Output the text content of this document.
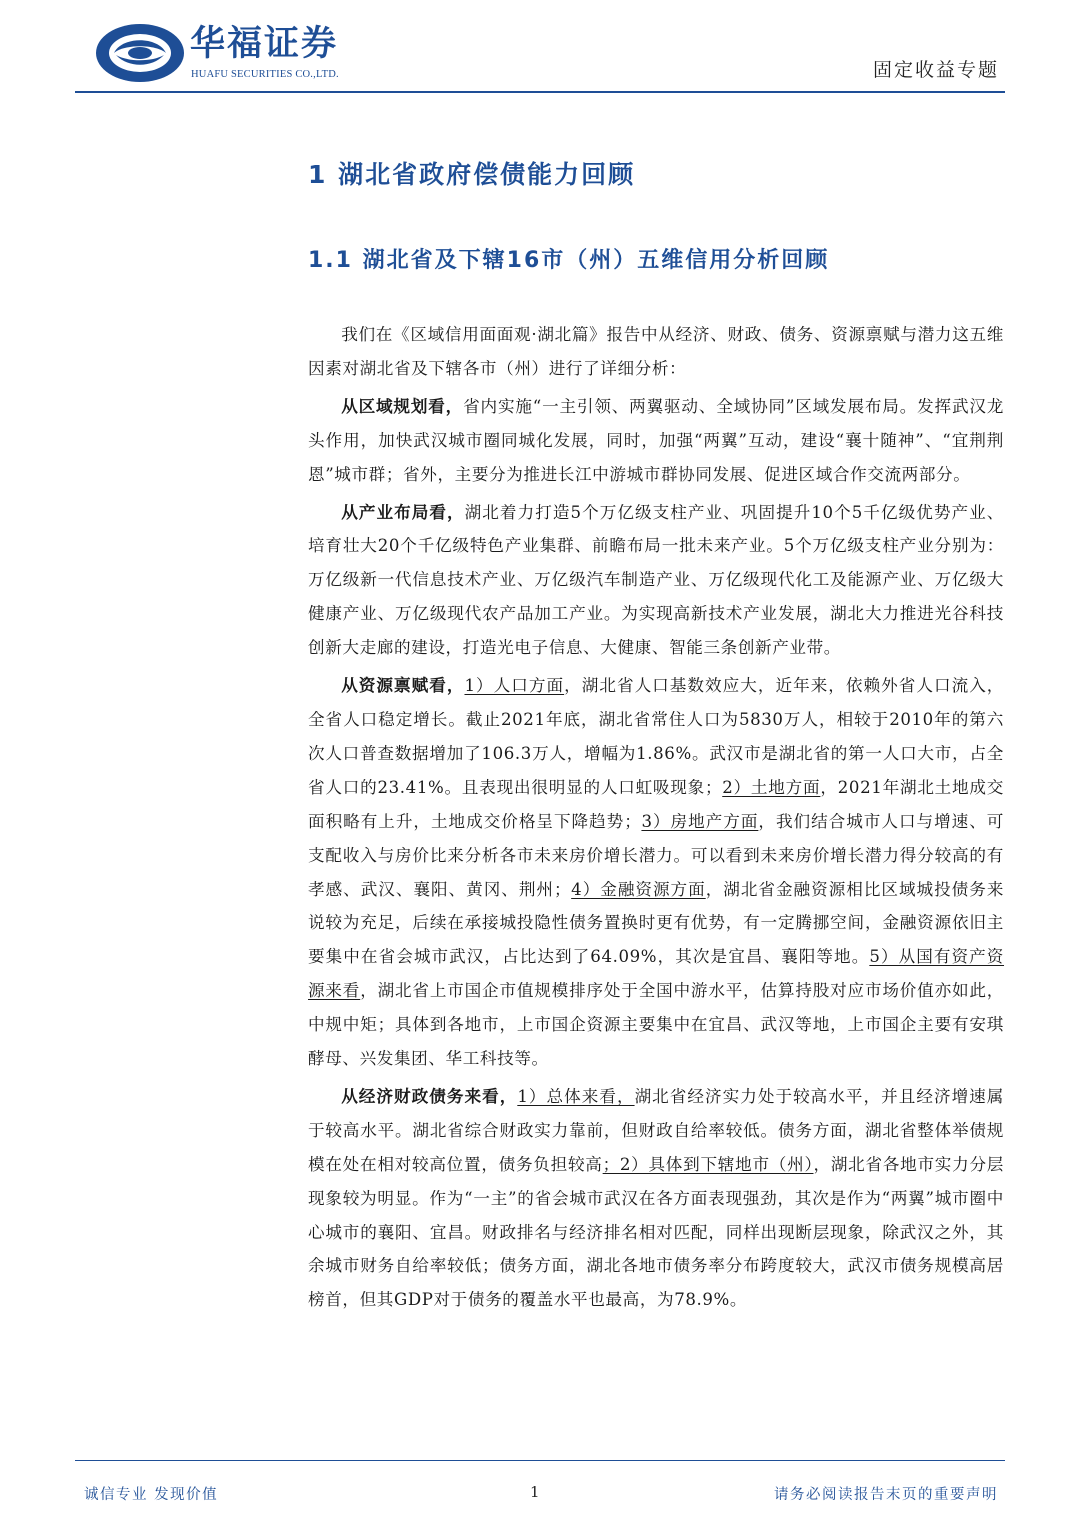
华福证券
HUAFU SECURITIES CO.,LTD.	固定收益专题
1 湖北省政府偿债能力回顾
1.1 湖北省及下辖16市（州）五维信用分析回顾

我们在《区域信用面面观·湖北篇》报告中从经济、财政、债务、资源禀赋与潜力这五维因素对湖北省及下辖各市（州）进行了详细分析：

从区域规划看，省内实施“一主引领、两翼驱动、全域协同”区域发展布局。发挥武汉龙头作用，加快武汉城市圈同城化发展，同时，加强“两翼”互动，建设“襄十随神”、“宜荆荆恩”城市群；省外，主要分为推进长江中游城市群协同发展、促进区域合作交流两部分。

从产业布局看，湖北着力打造5个万亿级支柱产业、巩固提升10个5千亿级优势产业、培育壮大20个千亿级特色产业集群、前瞻布局一批未来产业。5个万亿级支柱产业分别为：万亿级新一代信息技术产业、万亿级汽车制造产业、万亿级现代化工及能源产业、万亿级大健康产业、万亿级现代农产品加工产业。为实现高新技术产业发展，湖北大力推进光谷科技创新大走廊的建设，打造光电子信息、大健康、智能三条创新产业带。

从资源禀赋看，1）人口方面，湖北省人口基数效应大，近年来，依赖外省人口流入，全省人口稳定增长。截止2021年底，湖北省常住人口为5830万人，相较于2010年的第六次人口普查数据增加了106.3万人，增幅为1.86%。武汉市是湖北省的第一人口大市，占全省人口的23.41%。且表现出很明显的人口虹吸现象；2）土地方面，2021年湖北土地成交面积略有上升，土地成交价格呈下降趋势；3）房地产方面，我们结合城市人口与增速、可支配收入与房价比来分析各市未来房价增长潜力。可以看到未来房价增长潜力得分较高的有孝感、武汉、襄阳、黄冈、荆州；4）金融资源方面，湖北省金融资源相比区域城投债务来说较为充足，后续在承接城投隐性债务置换时更有优势，有一定腾挪空间，金融资源依旧主要集中在省会城市武汉，占比达到了64.09%，其次是宜昌、襄阳等地。5）从国有资产资源来看，湖北省上市国企市值规模排序处于全国中游水平，估算持股对应市场价值亦如此，中规中矩；具体到各地市，上市国企资源主要集中在宜昌、武汉等地，上市国企主要有安琪酵母、兴发集团、华工科技等。

从经济财政债务来看，1）总体来看，湖北省经济实力处于较高水平，并且经济增速属于较高水平。湖北省综合财政实力靠前，但财政自给率较低。债务方面，湖北省整体举债规模在处在相对较高位置，债务负担较高；2）具体到下辖地市（州），湖北省各地市实力分层现象较为明显。作为“一主”的省会城市武汉在各方面表现强劲，其次是作为“两翼”城市圈中心城市的襄阳、宜昌。财政排名与经济排名相对匹配，同样出现断层现象，除武汉之外，其余城市财务自给率较低；债务方面，湖北各地市债务率分布跨度较大，武汉市债务规模高居榜首，但其GDP对于债务的覆盖水平也最高，为78.9%。

诚信专业 发现价值	1	请务必阅读报告末页的重要声明
